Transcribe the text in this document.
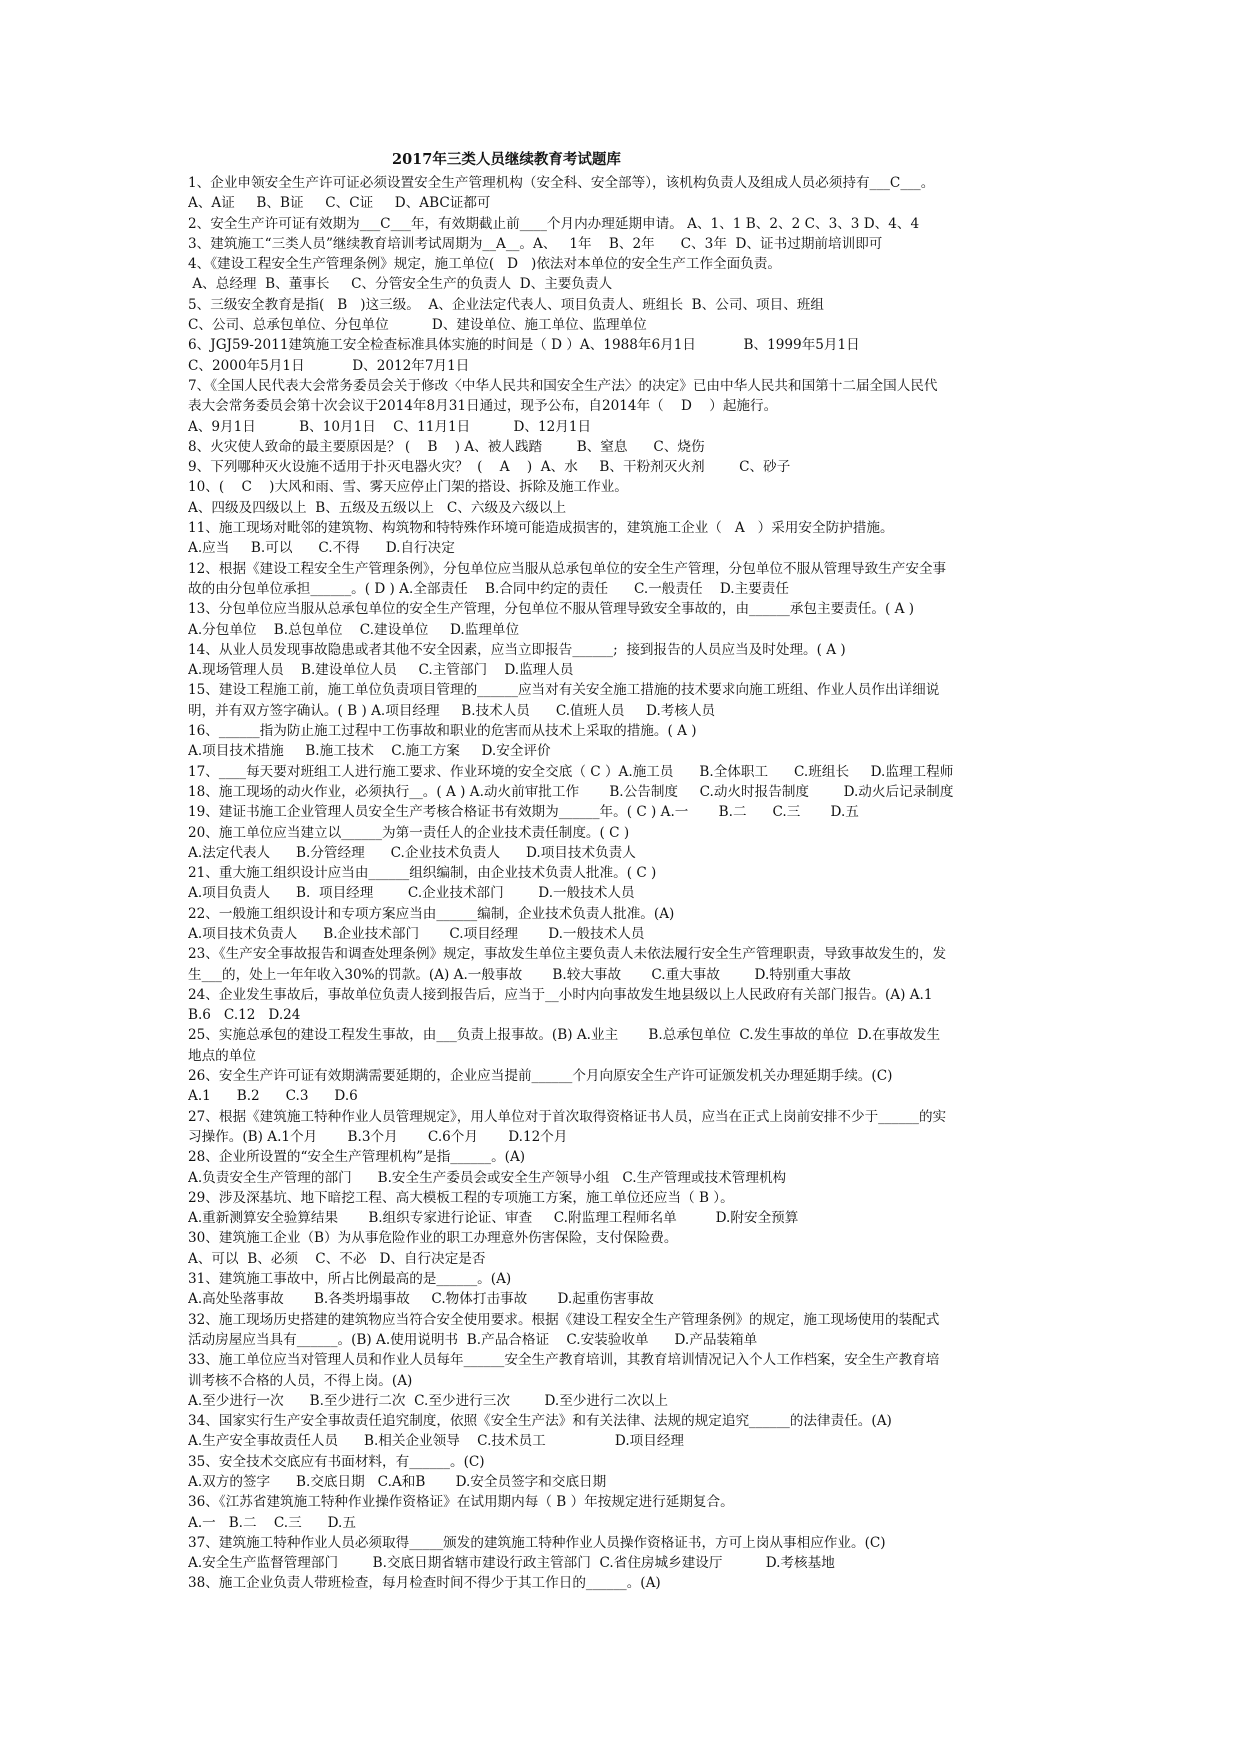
2017年三类人员继续教育考试题库
1、企业申领安全生产许可证必须设置安全生产管理机构（安全科、安全部等），该机构负责人及组成人员必须持有___C___。
A、A证     B、B证     C、C证     D、ABC证都可
2、安全生产许可证有效期为___C___年，有效期截止前____个月内办理延期申请。 A、1、1 B、2、2 C、3、3 D、4、4
3、建筑施工“三类人员”继续教育培训考试周期为__A__。A、   1年    B、2年      C、3年  D、证书过期前培训即可
4、《建设工程安全生产管理条例》规定，施工单位(   D   )依法对本单位的安全生产工作全面负责。
A、总经理  B、董事长     C、分管安全生产的负责人  D、主要负责人
5、三级安全教育是指(   B   )这三级。  A、企业法定代表人、项目负责人、班组长  B、公司、项目、班组
C、公司、总承包单位、分包单位          D、建设单位、施工单位、监理单位
6、JGJ59-2011建筑施工安全检查标准具体实施的时间是（ D ）A、1988年6月1日           B、1999年5月1日
C、2000年5月1日           D、2012年7月1日
7、《全国人民代表大会常务委员会关于修改〈中华人民共和国安全生产法〉的决定》已由中华人民共和国第十二届全国人民代
表大会常务委员会第十次会议于2014年8月31日通过，现予公布，自2014年（    D    ）起施行。
A、9月1日          B、10月1日    C、11月1日          D、12月1日
8、火灾使人致命的最主要原因是？ (    B    ) A、被人践踏        B、窒息      C、烧伤
9、下列哪种灭火设施不适用于扑灭电器火灾？  (    A    )  A、水     B、干粉剂灭火剂        C、砂子
10、(    C    )大风和雨、雪、雾天应停止门架的搭设、拆除及施工作业。
A、四级及四级以上  B、五级及五级以上   C、六级及六级以上
11、施工现场对毗邻的建筑物、构筑物和特特殊作环境可能造成损害的，建筑施工企业（   A   ）采用安全防护措施。
A.应当     B.可以      C.不得      D.自行决定
12、根据《建设工程安全生产管理条例》，分包单位应当服从总承包单位的安全生产管理，分包单位不服从管理导致生产安全事
故的由分包单位承担______。( D ) A.全部责任    B.合同中约定的责任      C.一般责任    D.主要责任
13、分包单位应当服从总承包单位的安全生产管理，分包单位不服从管理导致安全事故的，由______承包主要责任。( A )
A.分包单位    B.总包单位    C.建设单位     D.监理单位
14、从业人员发现事故隐患或者其他不安全因素，应当立即报告______;  接到报告的人员应当及时处理。( A )
A.现场管理人员    B.建设单位人员     C.主管部门    D.监理人员
15、建设工程施工前，施工单位负责项目管理的______应当对有关安全施工措施的技术要求向施工班组、作业人员作出详细说
明，并有双方签字确认。( B ) A.项目经理     B.技术人员      C.值班人员     D.考核人员
16、______指为防止施工过程中工伤事故和职业的危害而从技术上采取的措施。( A )
A.项目技术措施     B.施工技术    C.施工方案     D.安全评价
17、____每天要对班组工人进行施工要求、作业环境的安全交底（ C ）A.施工员      B.全体职工      C.班组长     D.监理工程师
18、施工现场的动火作业，必须执行__。( A ) A.动火前审批工作       B.公告制度     C.动火时报告制度        D.动火后记录制度
19、建证书施工企业管理人员安全生产考核合格证书有效期为______年。( C ) A.一       B.二      C.三       D.五
20、施工单位应当建立以______为第一责任人的企业技术责任制度。( C )
A.法定代表人      B.分管经理      C.企业技术负责人      D.项目技术负责人
21、重大施工组织设计应当由______组织编制，由企业技术负责人批准。( C )
A.项目负责人      B.  项目经理        C.企业技术部门        D.一般技术人员
22、一般施工组织设计和专项方案应当由______编制，企业技术负责人批准。(A)
A.项目技术负责人      B.企业技术部门       C.项目经理       D.一般技术人员
23、《生产安全事故报告和调查处理条例》规定，事故发生单位主要负责人未依法履行安全生产管理职责，导致事故发生的，发
生___的，处上一年年收入30%的罚款。(A) A.一般事故       B.较大事故       C.重大事故        D.特别重大事故
24、企业发生事故后，事故单位负责人接到报告后，应当于__小时内向事故发生地县级以上人民政府有关部门报告。(A) A.1
B.6   C.12   D.24
25、实施总承包的建设工程发生事故，由___负责上报事故。(B) A.业主       B.总承包单位  C.发生事故的单位  D.在事故发生
地点的单位
26、安全生产许可证有效期满需要延期的，企业应当提前______个月向原安全生产许可证颁发机关办理延期手续。(C)
A.1      B.2      C.3      D.6
27、根据《建筑施工特种作业人员管理规定》，用人单位对于首次取得资格证书人员，应当在正式上岗前安排不少于______的实
习操作。(B) A.1个月       B.3个月       C.6个月       D.12个月
28、企业所设置的“安全生产管理机构”是指______。(A)
A.负责安全生产管理的部门      B.安全生产委员会或安全生产领导小组   C.生产管理或技术管理机构
29、涉及深基坑、地下暗挖工程、高大模板工程的专项施工方案，施工单位还应当（ B ）。
A.重新测算安全验算结果       B.组织专家进行论证、审查     C.附监理工程师名单         D.附安全预算
30、建筑施工企业（B）为从事危险作业的职工办理意外伤害保险，支付保险费。
A、可以  B、必须    C、不必   D、自行决定是否
31、建筑施工事故中，所占比例最高的是______。(A)
A.高处坠落事故       B.各类坍塌事故     C.物体打击事故       D.起重伤害事故
32、施工现场历史搭建的建筑物应当符合安全使用要求。根据《建设工程安全生产管理条例》的规定，施工现场使用的装配式
活动房屋应当具有______。(B) A.使用说明书  B.产品合格证    C.安装验收单      D.产品装箱单
33、施工单位应当对管理人员和作业人员每年______安全生产教育培训，其教育培训情况记入个人工作档案，安全生产教育培
训考核不合格的人员，不得上岗。(A)
A.至少进行一次      B.至少进行二次  C.至少进行三次        D.至少进行二次以上
34、国家实行生产安全事故责任追究制度，依照《安全生产法》和有关法律、法规的规定追究______的法律责任。(A)
A.生产安全事故责任人员      B.相关企业领导    C.技术员工                D.项目经理
35、安全技术交底应有书面材料，有______。(C)
A.双方的签字      B.交底日期   C.A和B       D.安全员签字和交底日期
36、《江苏省建筑施工特种作业操作资格证》在试用期内每（ B ）年按规定进行延期复合。
A.一   B.二    C.三      D.五
37、建筑施工特种作业人员必须取得_____颁发的建筑施工特种作业人员操作资格证书，方可上岗从事相应作业。(C)
A.安全生产监督管理部门        B.交底日期省辖市建设行政主管部门  C.省住房城乡建设厅          D.考核基地
38、施工企业负责人带班检查，每月检查时间不得少于其工作日的______。(A)
